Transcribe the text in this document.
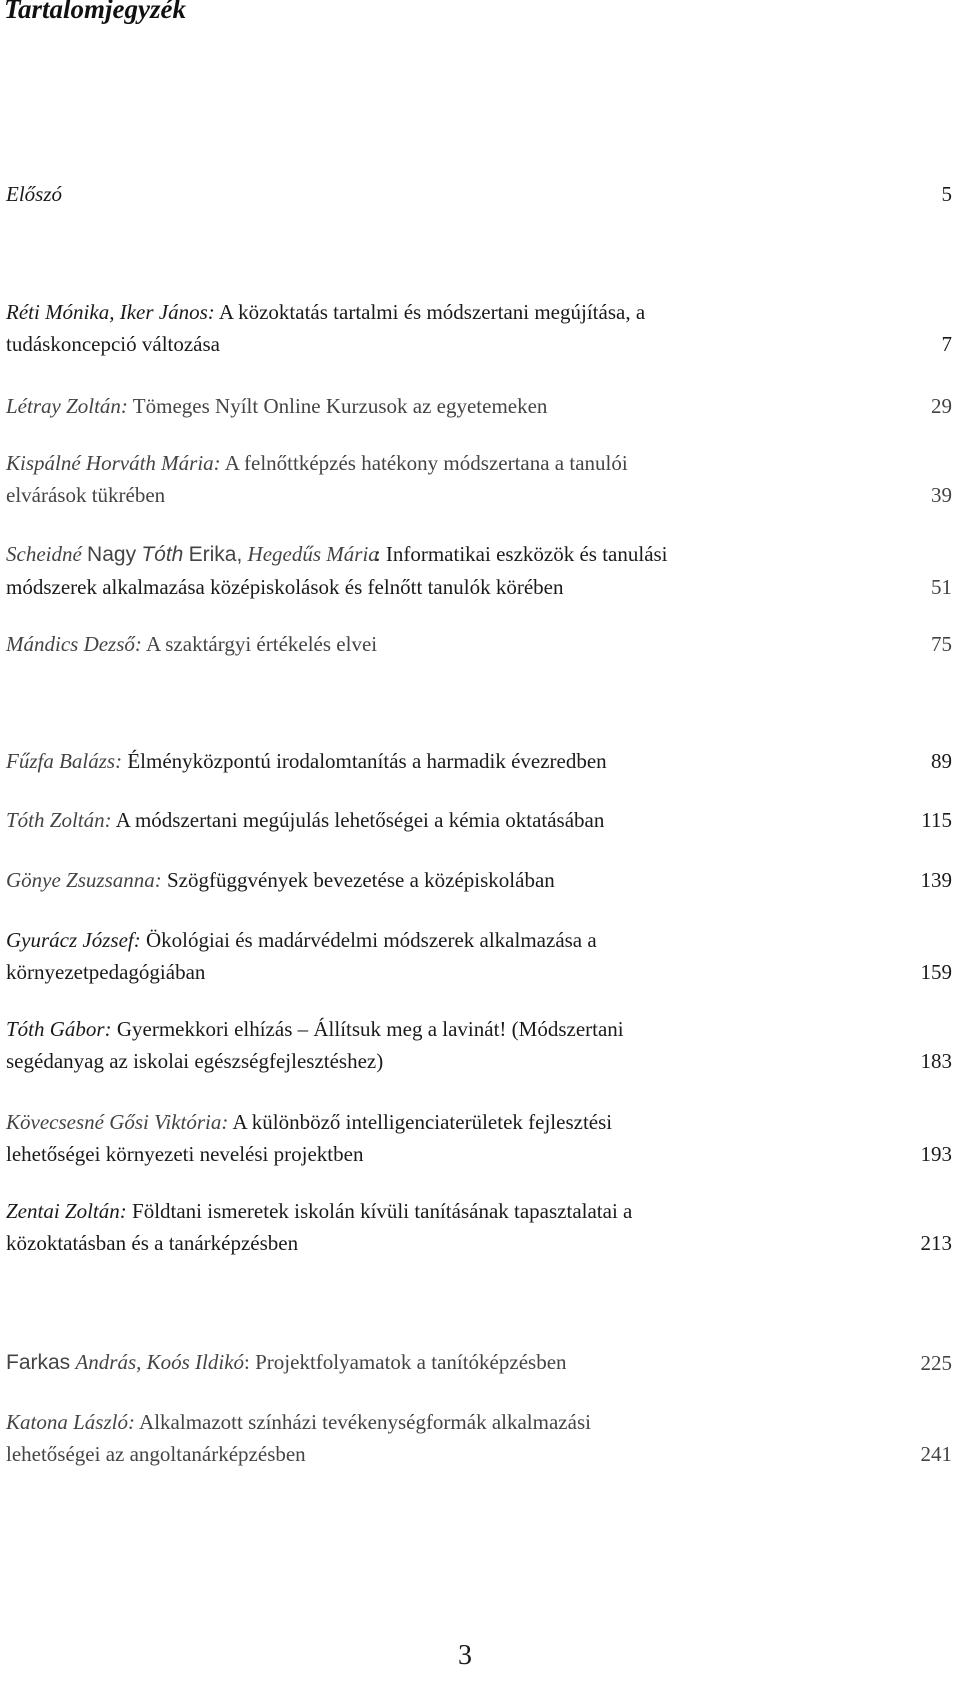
Tartalomjegyzék
Előszó	5
Réti Mónika, Iker János: A közoktatás tartalmi és módszertani megújítása, a
tudáskoncepció változása	7
Létray Zoltán: Tömeges Nyílt Online Kurzusok az egyetemeken	29
Kispálné Horváth Mária: A felnőttképzés hatékony módszertana a tanulói
elvárások tükrében	39
Scheidné Nagy Tóth Erika, Hegedűs Mária: Informatikai eszközök és tanulási
módszerek alkalmazása középiskolások és felnőtt tanulók körében	51
Mándics Dezső: A szaktárgyi értékelés elvei	75
Fűzfa Balázs: Élményközpontú irodalomtanítás a harmadik évezredben	89
Tóth Zoltán: A módszertani megújulás lehetőségei a kémia oktatásában	115
Gönye Zsuzsanna: Szögfüggvények bevezetése a középiskolában	139
Gyurácz József: Ökológiai és madárvédelmi módszerek alkalmazása a
környezetpedagógiában	159
Tóth Gábor: Gyermekkori elhízás – Állítsuk meg a lavinát! (Módszertani
segédanyag az iskolai egészségfejlesztéshez)	183
Kövecsesné Gősi Viktória: A különböző intelligenciaterületek fejlesztési
lehetőségei környezeti nevelési projektben	193
Zentai Zoltán: Földtani ismeretek iskolán kívüli tanításának tapasztalatai a
közoktatásban és a tanárképzésben	213
Farkas András, Koós Ildikó: Projektfolyamatok a tanítóképzésben	225
Katona László: Alkalmazott színházi tevékenységformák alkalmazási
lehetőségei az angoltanárképzésben	241
3
